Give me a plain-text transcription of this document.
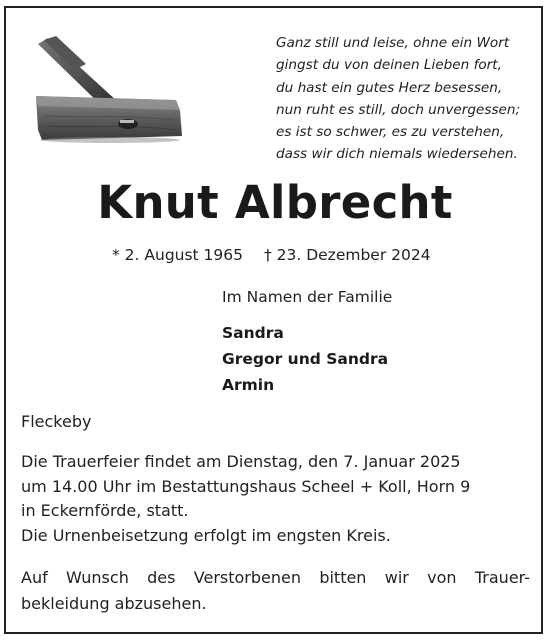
Ganz still und leise, ohne ein Wort
gingst du von deinen Lieben fort,
du hast ein gutes Herz besessen,
nun ruht es still, doch unvergessen;
es ist so schwer, es zu verstehen,
dass wir dich niemals wiedersehen.
Knut Albrecht
* 2. August 1965 † 23. Dezember 2024
Im Namen der Familie
Sandra
Gregor und Sandra
Armin
Fleckeby
Die Trauerfeier findet am Dienstag, den 7. Januar 2025
um 14.00 Uhr im Bestattungshaus Scheel + Koll, Horn 9
in Eckernförde, statt.
Die Urnenbeisetzung erfolgt im engsten Kreis.
Auf Wunsch des Verstorbenen bitten wir von Trauer-
bekleidung abzusehen.
